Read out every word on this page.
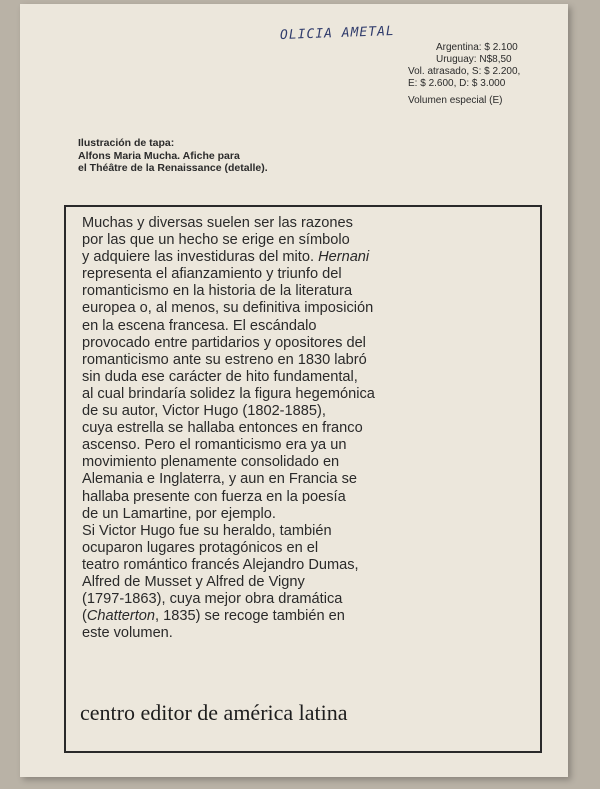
OLICIA AMETAL
Argentina: $ 2.100
Uruguay: N$8,50
Vol. atrasado, S: $ 2.200,
E: $ 2.600, D: $ 3.000
Volumen especial (E)
Ilustración de tapa:
Alfons Maria Mucha. Afiche para
el Théâtre de la Renaissance (detalle).
Muchas y diversas suelen ser las razones
por las que un hecho se erige en símbolo
y adquiere las investiduras del mito. Hernani
representa el afianzamiento y triunfo del
romanticismo en la historia de la literatura
europea o, al menos, su definitiva imposición
en la escena francesa. El escándalo
provocado entre partidarios y opositores del
romanticismo ante su estreno en 1830 labró
sin duda ese carácter de hito fundamental,
al cual brindaría solidez la figura hegemónica
de su autor, Victor Hugo (1802-1885),
cuya estrella se hallaba entonces en franco
ascenso. Pero el romanticismo era ya un
movimiento plenamente consolidado en
Alemania e Inglaterra, y aun en Francia se
hallaba presente con fuerza en la poesía
de un Lamartine, por ejemplo.
Si Victor Hugo fue su heraldo, también
ocuparon lugares protagónicos en el
teatro romántico francés Alejandro Dumas,
Alfred de Musset y Alfred de Vigny
(1797-1863), cuya mejor obra dramática
(Chatterton, 1835) se recoge también en
este volumen.
centro editor de américa latina
